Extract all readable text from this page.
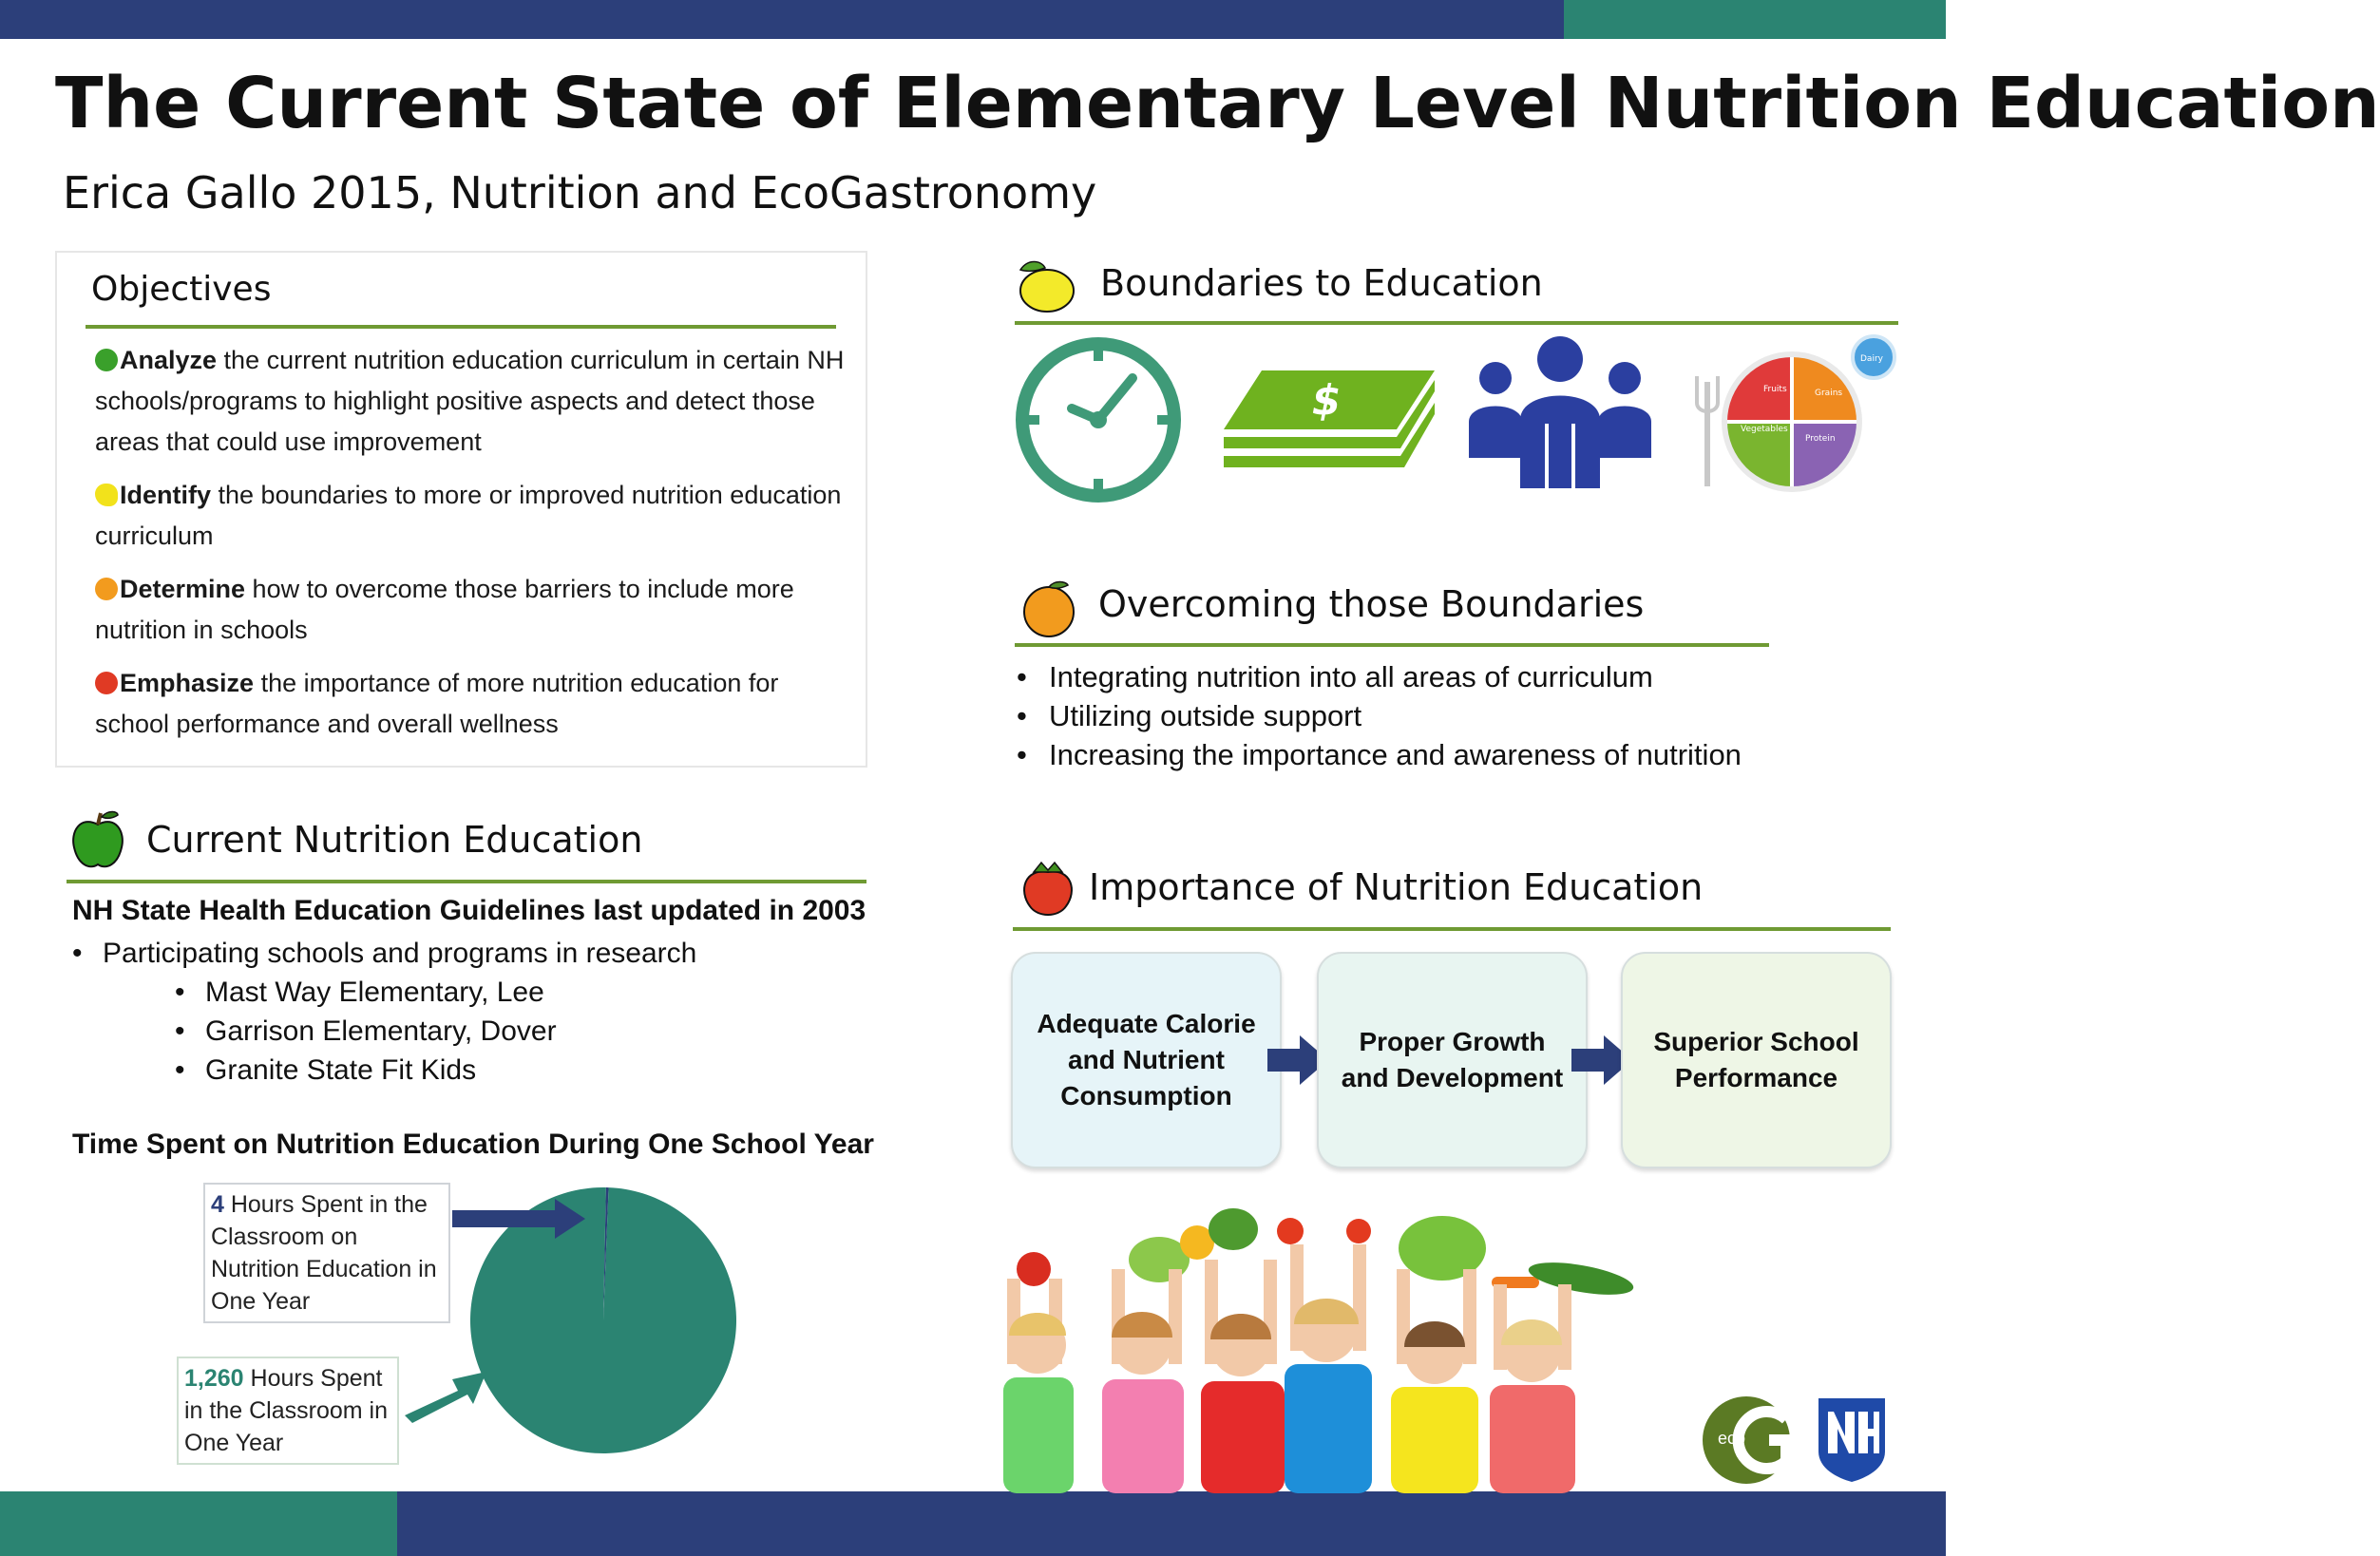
The Current State of Elementary Level Nutrition Education
Erica Gallo 2015, Nutrition and EcoGastronomy
Objectives
Analyze the current nutrition education curriculum in certain NH schools/programs to highlight positive aspects and detect those areas that could use improvement
Identify the boundaries to more or improved nutrition education curriculum
Determine how to overcome those barriers to include more nutrition in schools
Emphasize the importance of more nutrition education for school performance and overall wellness
Current Nutrition Education
NH State Health Education Guidelines last updated in 2003
• Participating schools and programs in research
• Mast Way Elementary, Lee
• Garrison Elementary, Dover
• Granite State Fit Kids
Time Spent on Nutrition Education During One School Year
4 Hours Spent in the Classroom on Nutrition Education in One Year
1,260 Hours Spent in the Classroom in One Year
Boundaries to Education
$	Fruits	Grains
Vegetables
Protein
Dairy
Overcoming those Boundaries
• Integrating nutrition into all areas of curriculum
• Utilizing outside support
• Increasing the importance and awareness of nutrition
Importance of Nutrition Education
Adequate Calorie and Nutrient Consumption
Proper Growth and Development
Superior School Performance
eco
